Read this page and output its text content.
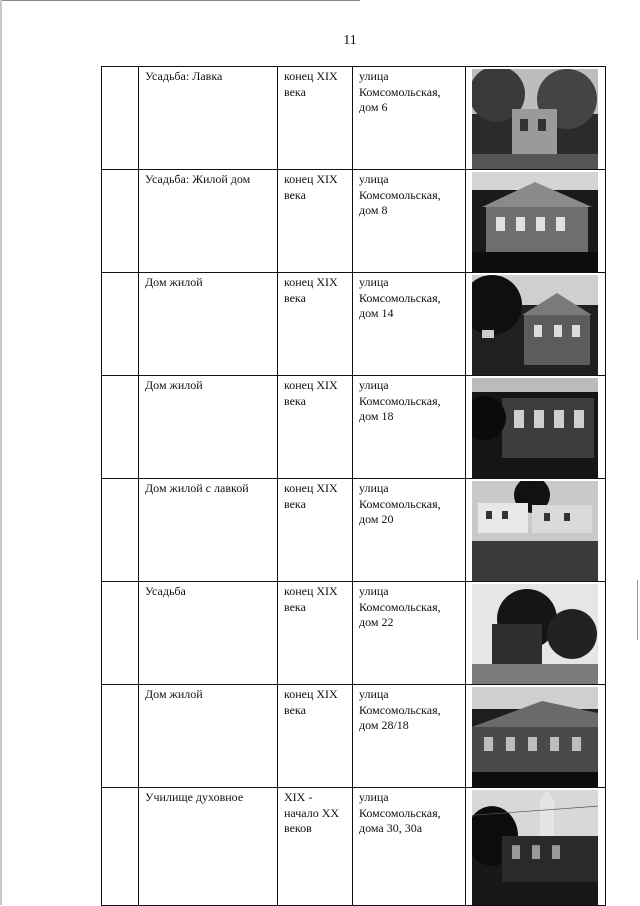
11
	Усадьба: Лавка	конец XIX
века	улица
Комсомольская,
дом 6	

	Усадьба: Жилой дом	конец XIX
века	улица
Комсомольская,
дом 8	

	Дом жилой	конец XIX
века	улица
Комсомольская,
дом 14	

	Дом жилой	конец XIX
века	улица
Комсомольская,
дом 18	

	Дом жилой с лавкой	конец XIX
века	улица
Комсомольская,
дом 20	

	Усадьба	конец XIX
века	улица
Комсомольская,
дом 22	

	Дом жилой	конец XIX
века	улица
Комсомольская,
дом 28/18	

	Училище духовное	XIX -
начало XX
веков	улица
Комсомольская,
дома 30, 30а	
